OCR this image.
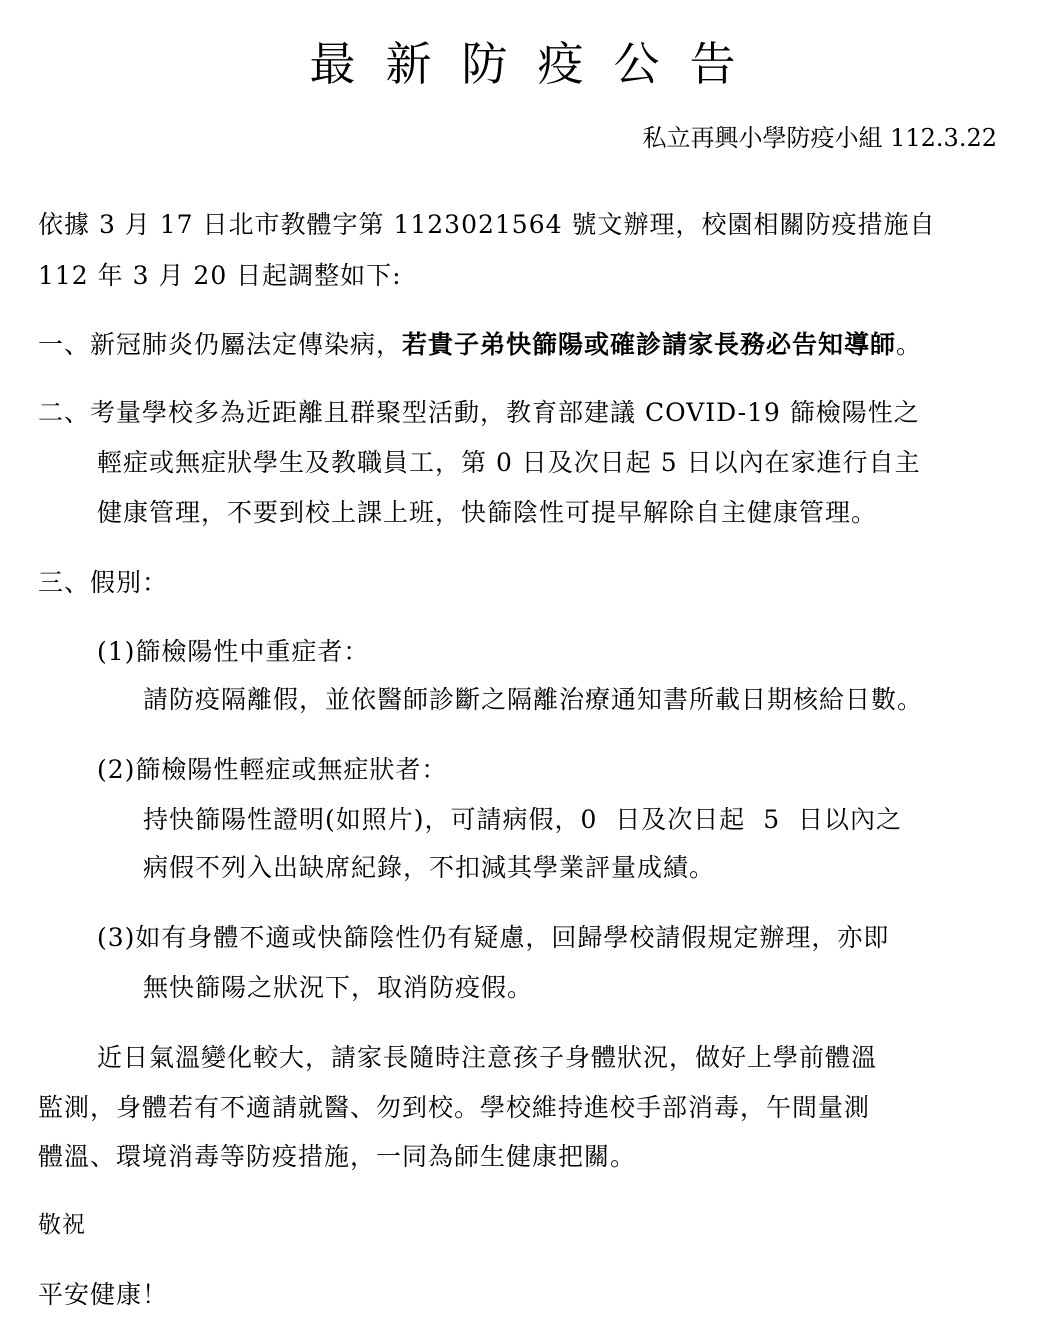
最新防疫公告
私立再興小學防疫小組 112.3.22
依據 3 月 17 日北市教體字第 1123021564 號文辦理，校園相關防疫措施自
112 年 3 月 20 日起調整如下:
一、新冠肺炎仍屬法定傳染病，若貴子弟快篩陽或確診請家長務必告知導師。
二、考量學校多為近距離且群聚型活動，教育部建議 COVID-19 篩檢陽性之
輕症或無症狀學生及教職員工，第 0 日及次日起 5 日以內在家進行自主
健康管理，不要到校上課上班，快篩陰性可提早解除自主健康管理。
三、假別：
(1)篩檢陽性中重症者：
請防疫隔離假，並依醫師診斷之隔離治療通知書所載日期核給日數。
(2)篩檢陽性輕症或無症狀者：
持快篩陽性證明(如照片)，可請病假，0  日及次日起  5  日以內之
病假不列入出缺席紀錄，不扣減其學業評量成績。
(3)如有身體不適或快篩陰性仍有疑慮，回歸學校請假規定辦理，亦即
無快篩陽之狀況下，取消防疫假。
近日氣溫變化較大，請家長隨時注意孩子身體狀況，做好上學前體溫
監測，身體若有不適請就醫、勿到校。學校維持進校手部消毒，午間量測
體溫、環境消毒等防疫措施，一同為師生健康把關。
敬祝
平安健康！
